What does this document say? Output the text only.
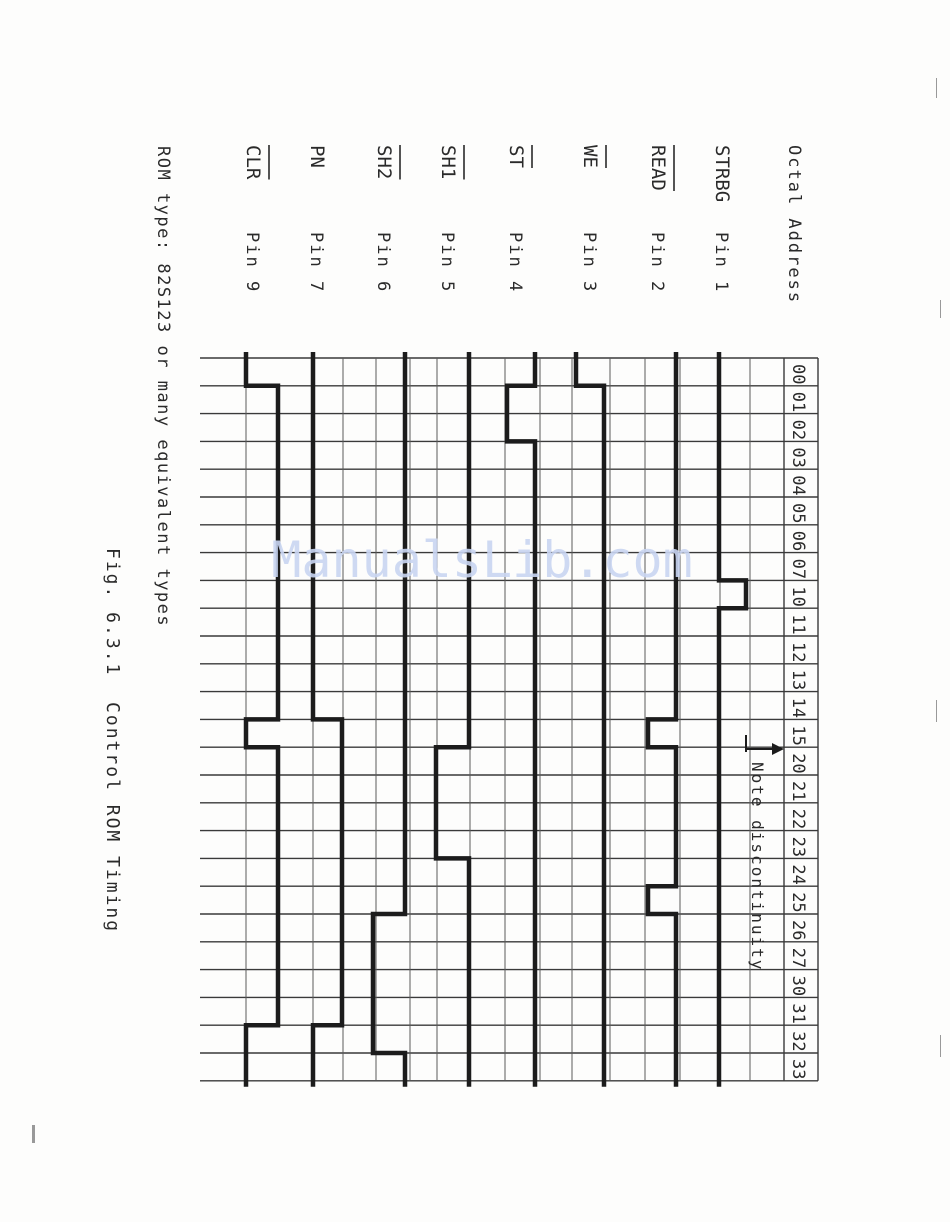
00
01
02
03
04
05
06
07
10
11
12
13
14
15
20
21
22
23
24
25
26
27
30
31
32
33
Octal Address
STRBG
Pin 1
READ
Pin 2
WE
Pin 3
ST
Pin 4
SH1
Pin 5
SH2
Pin 6
PN
Pin 7
CLR
Pin 9
Note discontinuity
ROM type: 82S123 or many equivalent types
Fig. 6.3.1  Control ROM Timing	ManualsLib.com
